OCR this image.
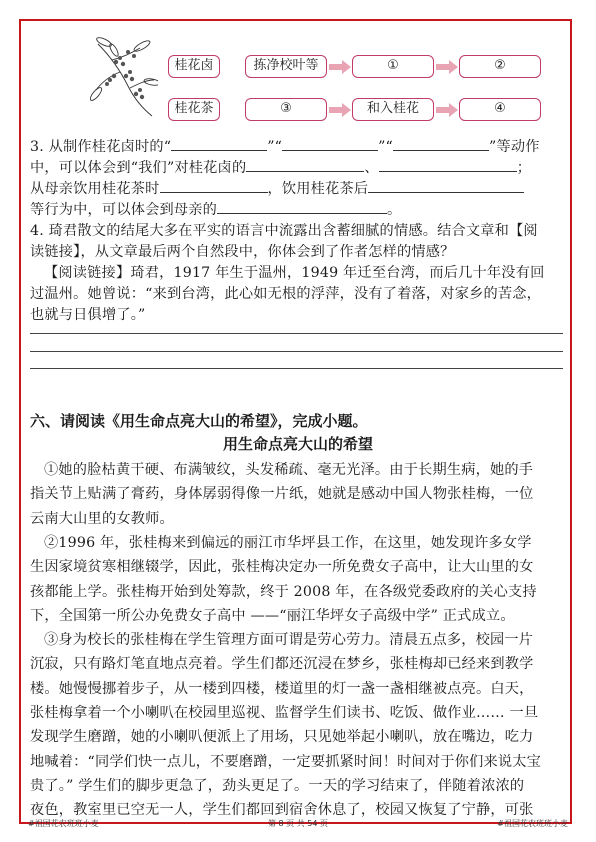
桂花卤	拣净校叶等	①	②
桂花茶	③	和入桂花	④
3. 从制作桂花卤时的“	”“	”“	”等动作
中，可以体会到“我们”对桂花卤的	、	；
从母亲饮用桂花茶时	，饮用桂花茶后
等行为中，可以体会到母亲的	。
4. 琦君散文的结尾大多在平实的语言中流露出含蓄细腻的情感。结合文章和【阅
读链接】，从文章最后两个自然段中，你体会到了作者怎样的情感？
【阅读链接】琦君，1917 年生于温州，1949 年迁至台湾，而后几十年没有回
过温州。她曾说：“来到台湾，此心如无根的浮萍，没有了着落，对家乡的苦念，
也就与日俱增了。”
六、请阅读《用生命点亮大山的希望》，完成小题。
用生命点亮大山的希望
①她的脸枯黄干硬、布满皱纹，头发稀疏、毫无光泽。由于长期生病，她的手
指关节上贴满了膏药，身体孱弱得像一片纸，她就是感动中国人物张桂梅，一位
云南大山里的女教师。
②1996 年，张桂梅来到偏远的丽江市华坪县工作，在这里，她发现许多女学
生因家境贫寒相继辍学，因此，张桂梅决定办一所免费女子高中，让大山里的女
孩都能上学。张桂梅开始到处筹款，终于 2008 年，在各级党委政府的关心支持
下，全国第一所公办免费女子高中 ——“丽江华坪女子高级中学” 正式成立。
③身为校长的张桂梅在学生管理方面可谓是劳心劳力。清晨五点多，校园一片
沉寂，只有路灯笔直地点亮着。学生们都还沉浸在梦乡，张桂梅却已经来到教学
楼。她慢慢挪着步子，从一楼到四楼，楼道里的灯一盏一盏相继被点亮。白天，
张桂梅拿着一个小喇叭在校园里巡视、监督学生们读书、吃饭、做作业…… 一旦
发现学生磨蹭，她的小喇叭便派上了用场，只见她举起小喇叭，放在嘴边，吃力
地喊着：“同学们快一点儿，不要磨蹭，一定要抓紧时间！时间对于你们来说太宝
贵了。” 学生们的脚步更急了，劲头更足了。一天的学习结束了，伴随着浓浓的
夜色，教室里已空无一人，学生们都回到宿舍休息了，校园又恢复了宁静，可张
#祖国花农班班小麦	第 8 页 共 54 页	#祖国花农班班小麦
